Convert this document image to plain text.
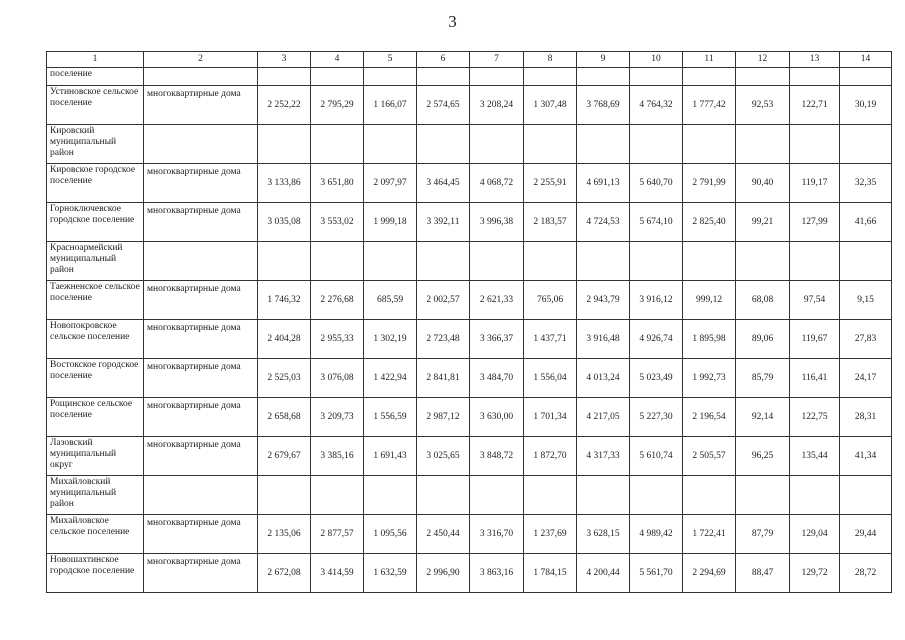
3
1	2	3	4	5	6	7	8	9	10	11	12	13	14
поселение													
Устиновское сельское поселение	многоквартирные дома	2 252,22	2 795,29	1 166,07	2 574,65	3 208,24	1 307,48	3 768,69	4 764,32	1 777,42	92,53	122,71	30,19
Кировский муниципальный район													
Кировское городское поселение	многоквартирные дома	3 133,86	3 651,80	2 097,97	3 464,45	4 068,72	2 255,91	4 691,13	5 640,70	2 791,99	90,40	119,17	32,35
Горноключевское городское поселение	многоквартирные дома	3 035,08	3 553,02	1 999,18	3 392,11	3 996,38	2 183,57	4 724,53	5 674,10	2 825,40	99,21	127,99	41,66
Красноармейский муниципальный район													
Таежненское сельское поселение	многоквартирные дома	1 746,32	2 276,68	685,59	2 002,57	2 621,33	765,06	2 943,79	3 916,12	999,12	68,08	97,54	9,15
Новопокровское сельское поселение	многоквартирные дома	2 404,28	2 955,33	1 302,19	2 723,48	3 366,37	1 437,71	3 916,48	4 926,74	1 895,98	89,06	119,67	27,83
Востокское городское поселение	многоквартирные дома	2 525,03	3 076,08	1 422,94	2 841,81	3 484,70	1 556,04	4 013,24	5 023,49	1 992,73	85,79	116,41	24,17
Рощинское сельское поселение	многоквартирные дома	2 658,68	3 209,73	1 556,59	2 987,12	3 630,00	1 701,34	4 217,05	5 227,30	2 196,54	92,14	122,75	28,31
Лазовский муниципальный округ	многоквартирные дома	2 679,67	3 385,16	1 691,43	3 025,65	3 848,72	1 872,70	4 317,33	5 610,74	2 505,57	96,25	135,44	41,34
Михайловский муниципальный район													
Михайловское сельское поселение	многоквартирные дома	2 135,06	2 877,57	1 095,56	2 450,44	3 316,70	1 237,69	3 628,15	4 989,42	1 722,41	87,79	129,04	29,44
Новошахтинское городское поселение	многоквартирные дома	2 672,08	3 414,59	1 632,59	2 996,90	3 863,16	1 784,15	4 200,44	5 561,70	2 294,69	88,47	129,72	28,72
